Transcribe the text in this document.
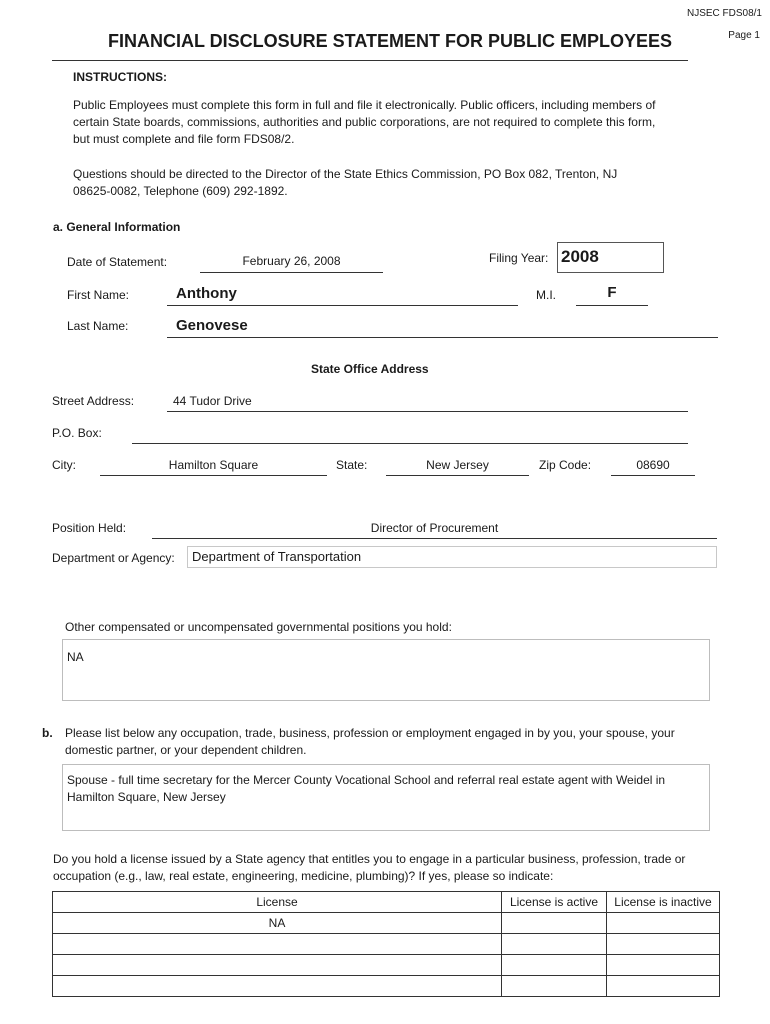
NJSEC FDS08/1
Page 1
FINANCIAL DISCLOSURE STATEMENT FOR PUBLIC EMPLOYEES
INSTRUCTIONS:
Public Employees must complete this form in full and file it electronically. Public officers, including members of
certain State boards, commissions, authorities and public corporations, are not required to complete this form,
but must complete and file form FDS08/2.
Questions should be directed to the Director of the State Ethics Commission, PO Box 082, Trenton, NJ
08625-0082, Telephone (609) 292-1892.
a. General Information
Date of Statement:	February 26, 2008	Filing Year: 2008
First Name:	Anthony	M.I.	F
Last Name:	Genovese
State Office Address
Street Address:	44 Tudor Drive
P.O. Box:
City:	Hamilton Square	State:	New Jersey	Zip Code:	08690
Position Held:	Director of Procurement
Department or Agency:	Department of Transportation
Other compensated or uncompensated governmental positions you hold:
NA
b. Please list below any occupation, trade, business, profession or employment engaged in by you, your spouse, your
domestic partner, or your dependent children.
Spouse - full time secretary for the Mercer County Vocational School and referral real estate agent with Weidel in
Hamilton Square, New Jersey
Do you hold a license issued by a State agency that entitles you to engage in a particular business, profession, trade or
occupation (e.g., law, real estate, engineering, medicine, plumbing)? If yes, please so indicate:
License	License is active	License is inactive
NA		
